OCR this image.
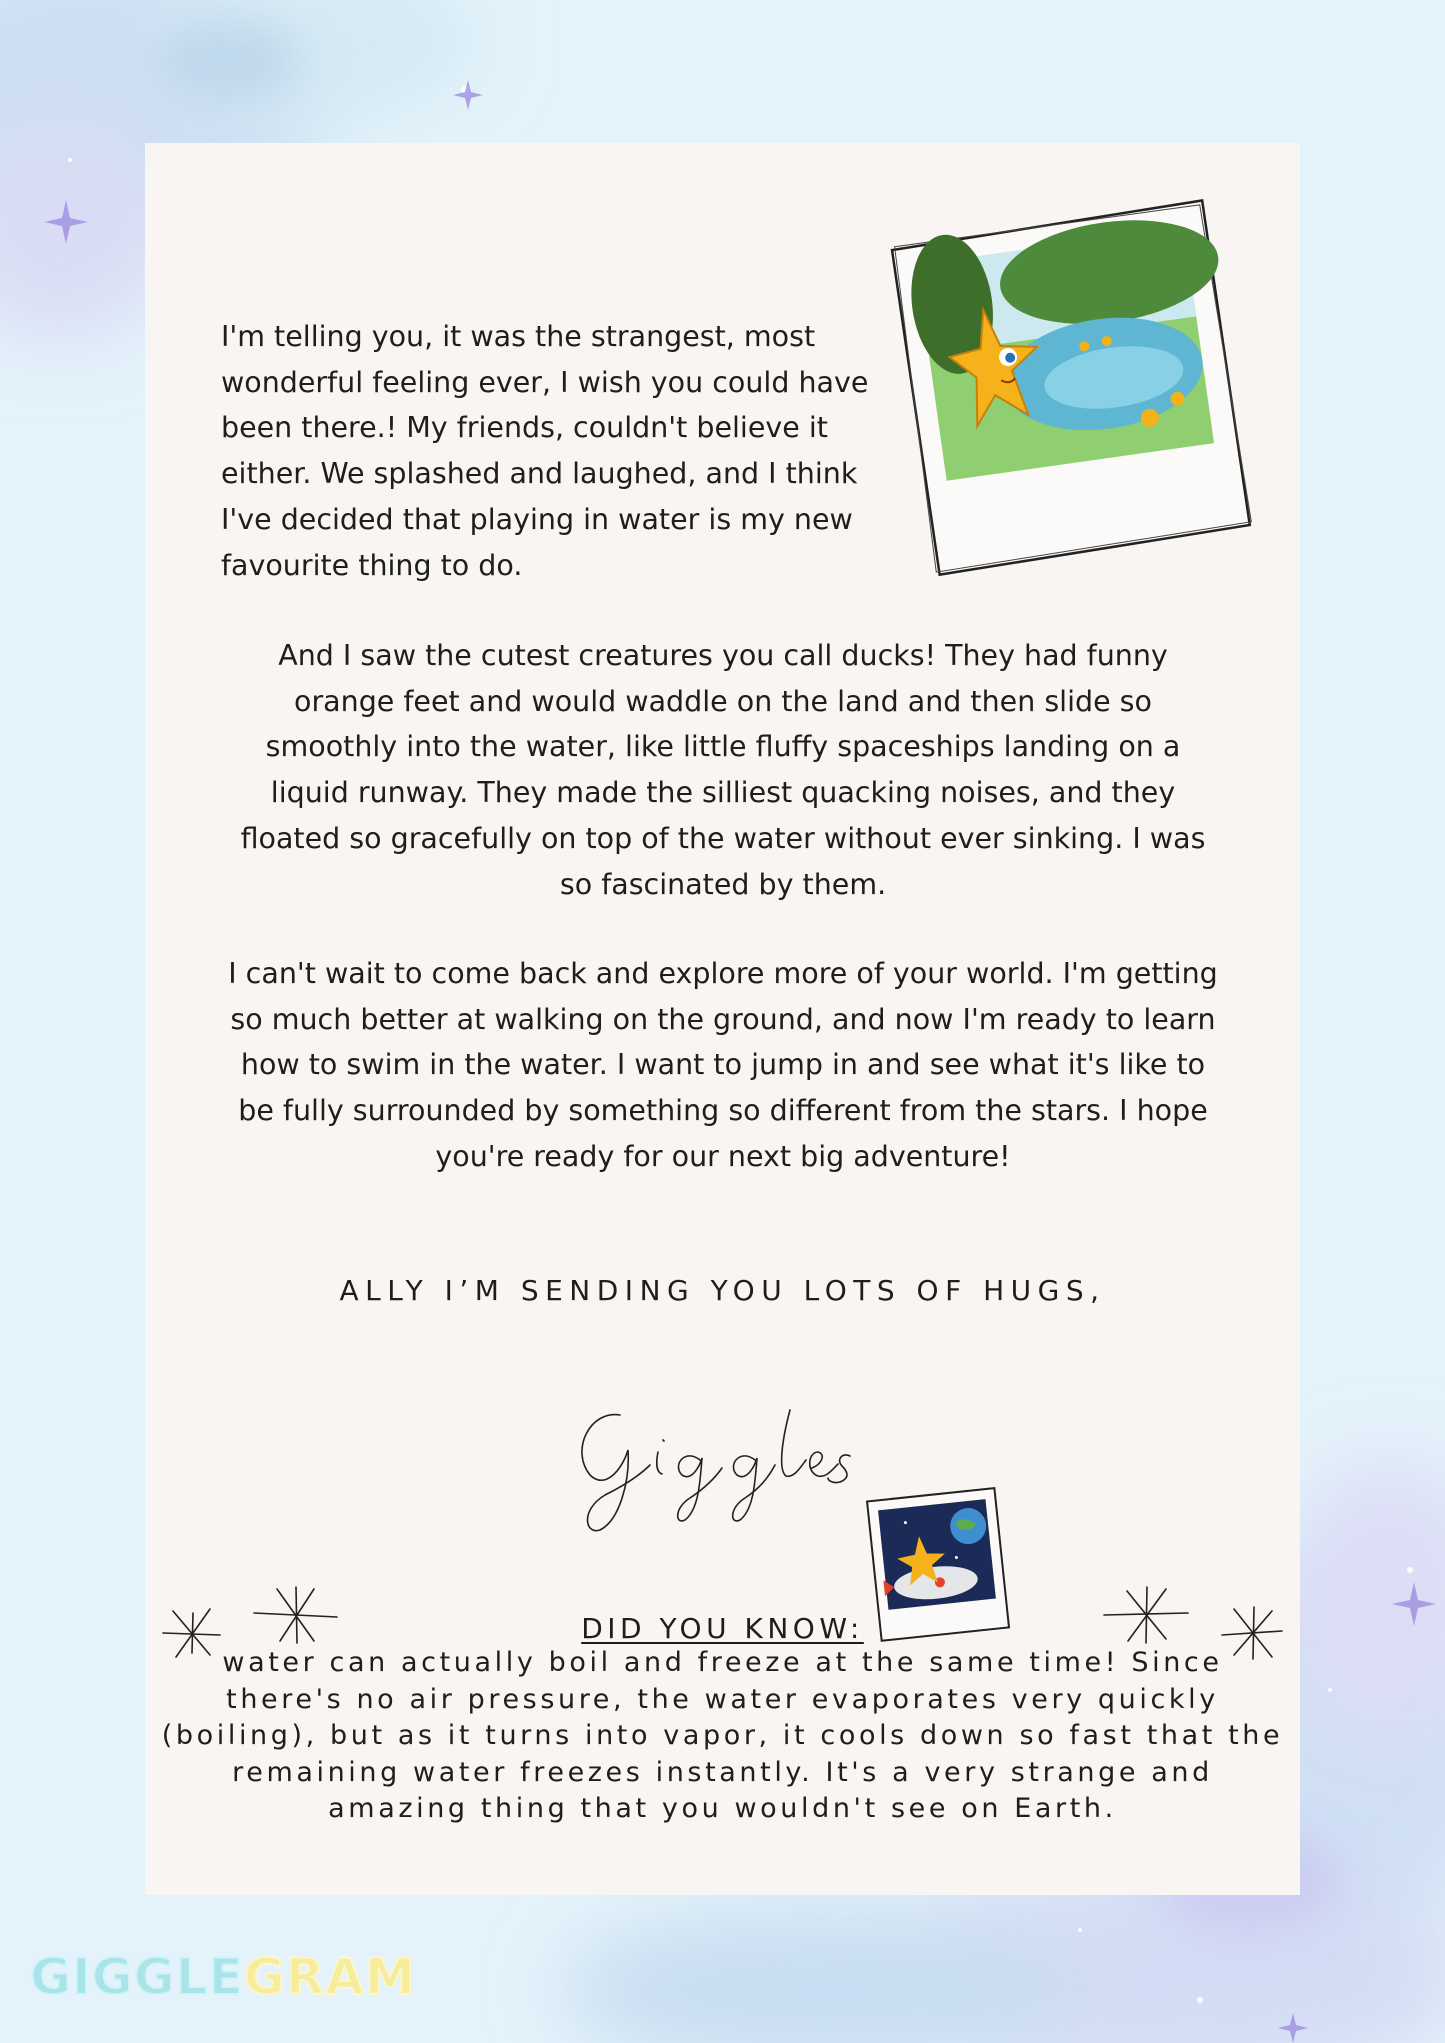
I'm telling you, it was the strangest, most wonderful feeling ever, I wish you could have been there.! My friends, couldn't believe it either. We splashed and laughed, and I think I've decided that playing in water is my new favourite thing to do.

And I saw the cutest creatures you call ducks! They had funny orange feet and would waddle on the land and then slide so smoothly into the water, like little fluffy spaceships landing on a liquid runway. They made the silliest quacking noises, and they floated so gracefully on top of the water without ever sinking. I was so fascinated by them.

I can't wait to come back and explore more of your world. I'm getting so much better at walking on the ground, and now I'm ready to learn how to swim in the water. I want to jump in and see what it's like to be fully surrounded by something so different from the stars. I hope you're ready for our next big adventure!

ALLY I’M SENDING YOU LOTS OF HUGS,

DID YOU KNOW:

water can actually boil and freeze at the same time! Since there's no air pressure, the water evaporates very quickly (boiling), but as it turns into vapor, it cools down so fast that the remaining water freezes instantly. It's a very strange and amazing thing that you wouldn't see on Earth.

GIGGLEGRAM
